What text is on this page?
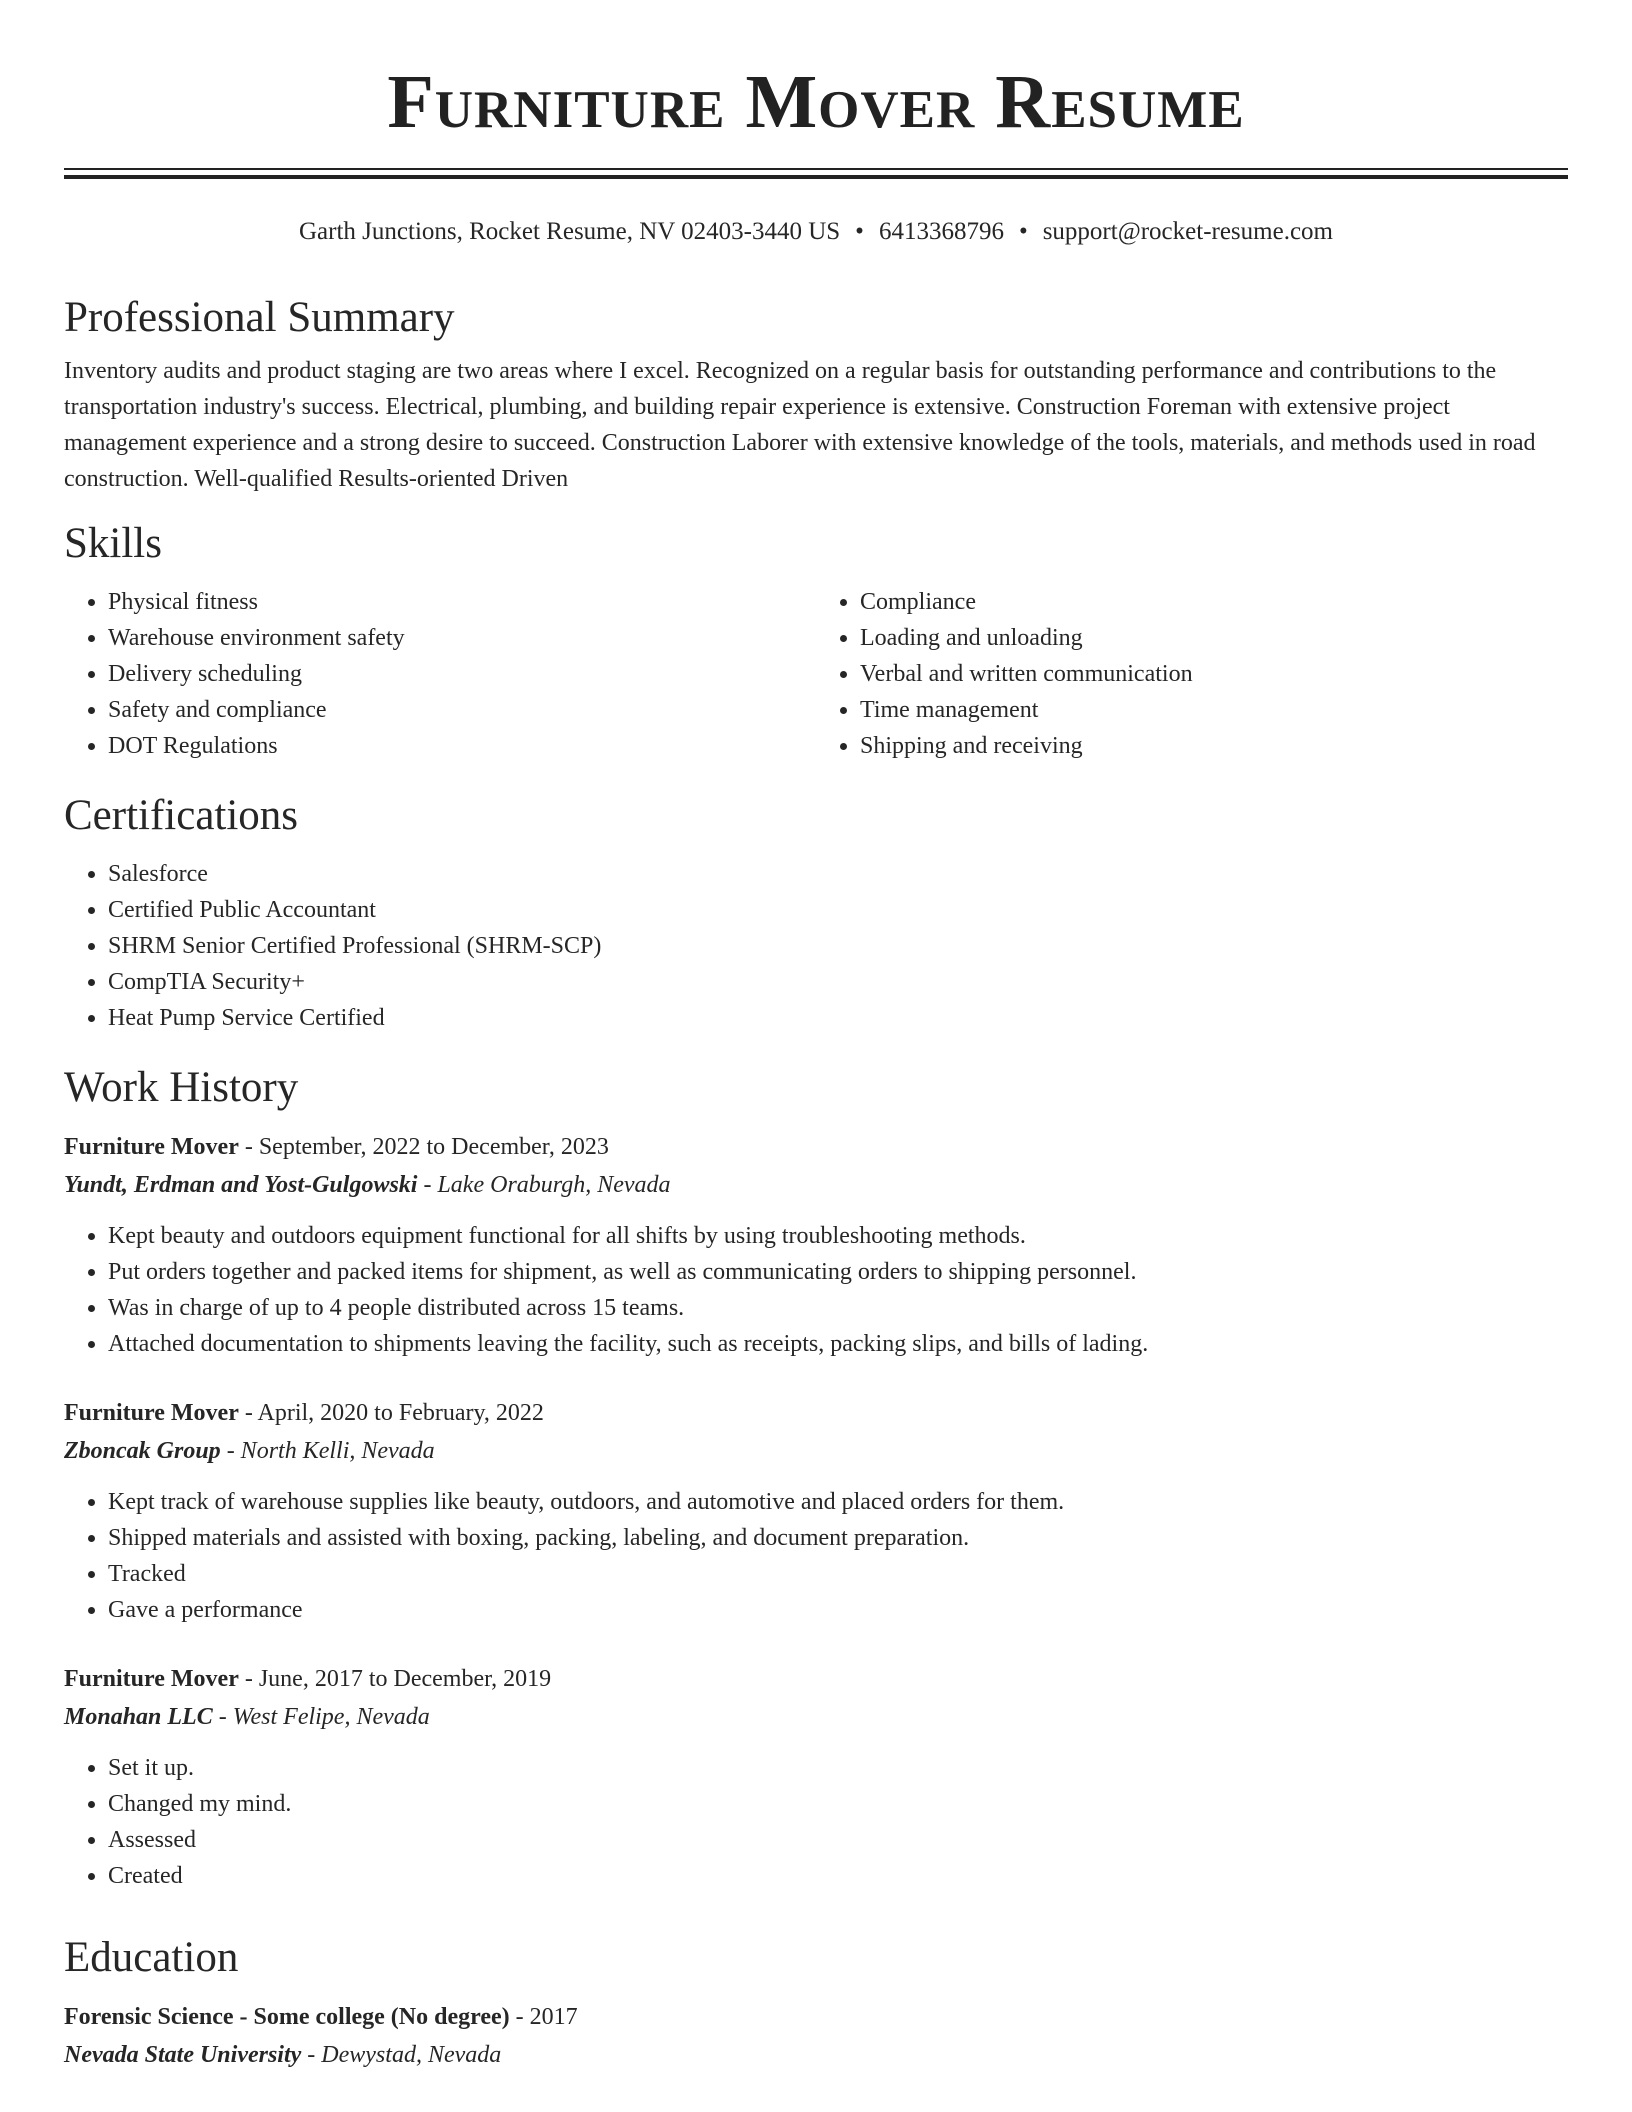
Furniture Mover Resume
Garth Junctions, Rocket Resume, NV 02403-3440 US • 6413368796 • support@rocket-resume.com
Professional Summary

Inventory audits and product staging are two areas where I excel. Recognized on a regular basis for outstanding performance and contributions to the transportation industry's success. Electrical, plumbing, and building repair experience is extensive. Construction Foreman with extensive project management experience and a strong desire to succeed. Construction Laborer with extensive knowledge of the tools, materials, and methods used in road construction. Well-qualified Results-oriented Driven

Skills
• Physical fitness
• Warehouse environment safety
• Delivery scheduling
• Safety and compliance
• DOT Regulations
• Compliance
• Loading and unloading
• Verbal and written communication
• Time management
• Shipping and receiving
Certifications
• Salesforce
• Certified Public Accountant
• SHRM Senior Certified Professional (SHRM-SCP)
• CompTIA Security+
• Heat Pump Service Certified
Work History
Furniture Mover - September, 2022 to December, 2023
Yundt, Erdman and Yost-Gulgowski - Lake Oraburgh, Nevada
• Kept beauty and outdoors equipment functional for all shifts by using troubleshooting methods.
• Put orders together and packed items for shipment, as well as communicating orders to shipping personnel.
• Was in charge of up to 4 people distributed across 15 teams.
• Attached documentation to shipments leaving the facility, such as receipts, packing slips, and bills of lading.
Furniture Mover - April, 2020 to February, 2022
Zboncak Group - North Kelli, Nevada
• Kept track of warehouse supplies like beauty, outdoors, and automotive and placed orders for them.
• Shipped materials and assisted with boxing, packing, labeling, and document preparation.
• Tracked
• Gave a performance
Furniture Mover - June, 2017 to December, 2019
Monahan LLC - West Felipe, Nevada
• Set it up.
• Changed my mind.
• Assessed
• Created
Education
Forensic Science - Some college (No degree) - 2017
Nevada State University - Dewystad, Nevada
